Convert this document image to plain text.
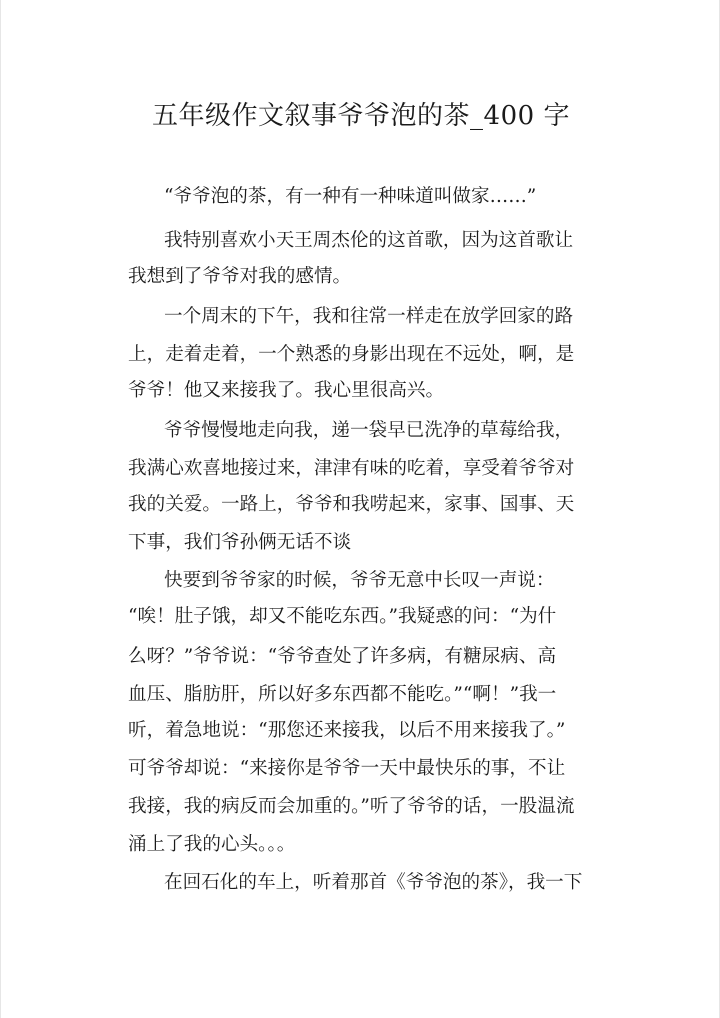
五年级作文叙事爷爷泡的茶_400 字
“爷爷泡的茶，有一种有一种味道叫做家……”
我特别喜欢小天王周杰伦的这首歌，因为这首歌让
我想到了爷爷对我的感情。
一个周末的下午，我和往常一样走在放学回家的路
上，走着走着，一个熟悉的身影出现在不远处，啊，是
爷爷！他又来接我了。我心里很高兴。
爷爷慢慢地走向我，递一袋早已洗净的草莓给我，
我满心欢喜地接过来，津津有味的吃着，享受着爷爷对
我的关爱。一路上，爷爷和我唠起来，家事、国事、天
下事，我们爷孙俩无话不谈
快要到爷爷家的时候，爷爷无意中长叹一声说：
“唉！肚子饿，却又不能吃东西。”我疑惑的问：“为什
么呀？”爷爷说：“爷爷查处了许多病，有糖尿病、高
血压、脂肪肝，所以好多东西都不能吃。”“啊！”我一
听，着急地说：“那您还来接我，以后不用来接我了。”
可爷爷却说：“来接你是爷爷一天中最快乐的事，不让
我接，我的病反而会加重的。”听了爷爷的话，一股温流
涌上了我的心头。。。
在回石化的车上，听着那首《爷爷泡的茶》，我一下
